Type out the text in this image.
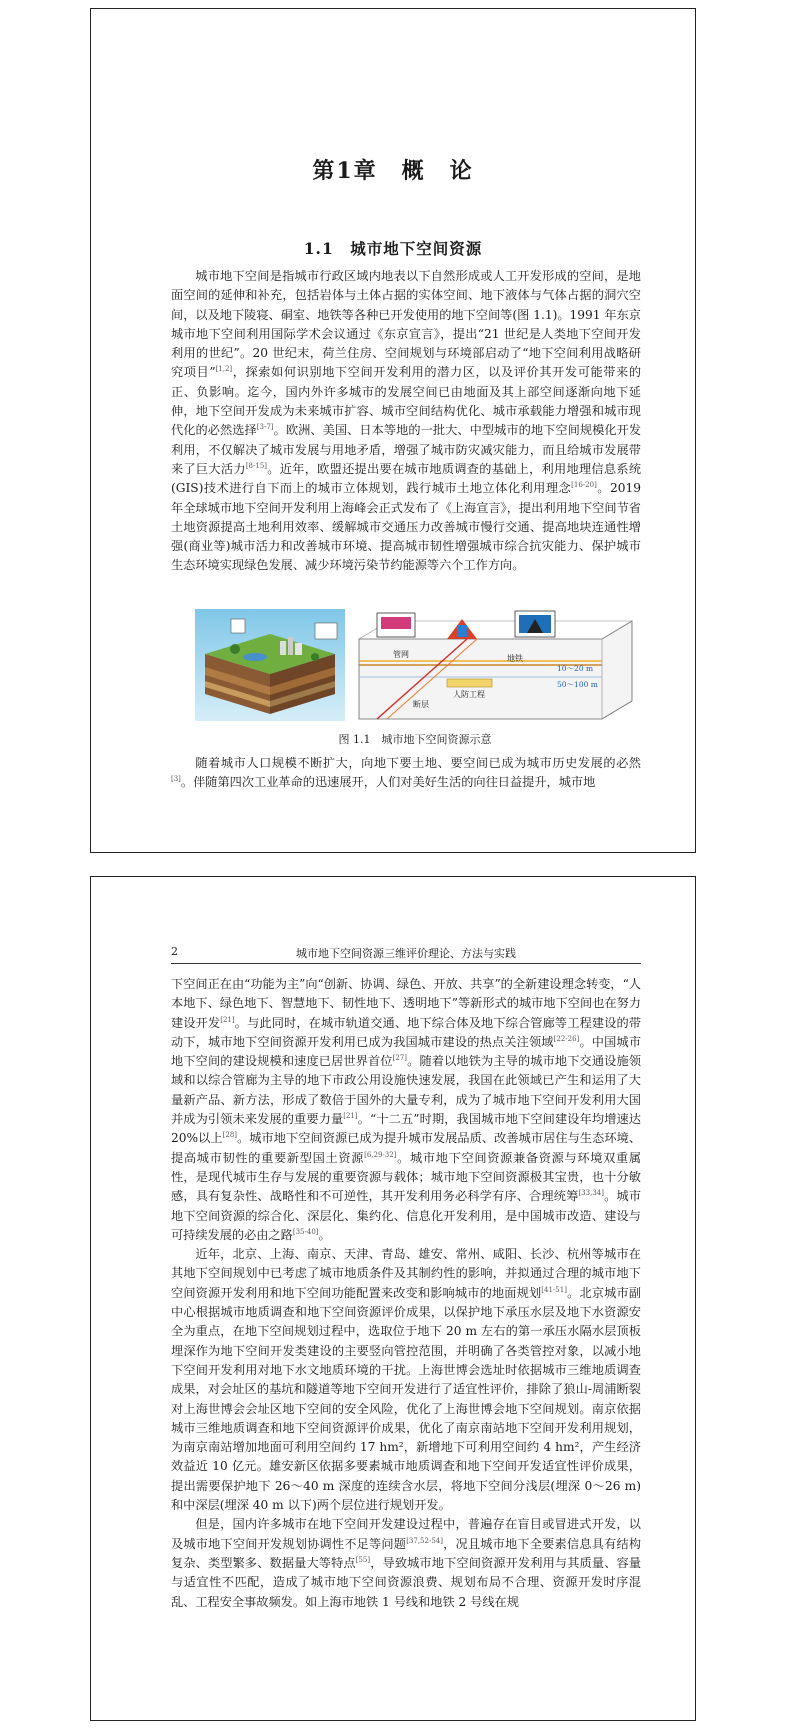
第1章　概　论
1.1　城市地下空间资源

城市地下空间是指城市行政区域内地表以下自然形成或人工开发形成的空间，是地面空间的延伸和补充，包括岩体与土体占据的实体空间、地下液体与气体占据的洞穴空间，以及地下陵寝、硐室、地铁等各种已开发使用的地下空间等(图 1.1)。1991 年东京城市地下空间利用国际学术会议通过《东京宣言》，提出“21 世纪是人类地下空间开发利用的世纪”。20 世纪末，荷兰住房、空间规划与环境部启动了“地下空间利用战略研究项目”[1,2]，探索如何识别地下空间开发利用的潜力区，以及评价其开发可能带来的正、负影响。迄今，国内外许多城市的发展空间已由地面及其上部空间逐渐向地下延伸，地下空间开发成为未来城市扩容、城市空间结构优化、城市承载能力增强和城市现代化的必然选择[3-7]。欧洲、美国、日本等地的一批大、中型城市的地下空间规模化开发利用，不仅解决了城市发展与用地矛盾，增强了城市防灾减灾能力，而且给城市发展带来了巨大活力[8-15]。近年，欧盟还提出要在城市地质调查的基础上，利用地理信息系统(GIS)技术进行自下而上的城市立体规划，践行城市土地立体化利用理念[16-20]。2019 年全球城市地下空间开发利用上海峰会正式发布了《上海宣言》，提出利用地下空间节省土地资源提高土地利用效率、缓解城市交通压力改善城市慢行交通、提高地块连通性增强(商业等)城市活力和改善城市环境、提高城市韧性增强城市综合抗灾能力、保护城市生态环境实现绿色发展、减少环境污染节约能源等六个工作方向。

管网	地铁
断层
人防工程
10～20 m
50～100 m
图 1.1　城市地下空间资源示意

随着城市人口规模不断扩大，向地下要土地、要空间已成为城市历史发展的必然[3]。伴随第四次工业革命的迅速展开，人们对美好生活的向往日益提升，城市地

2	城市地下空间资源三维评价理论、方法与实践

下空间正在由“功能为主”向“创新、协调、绿色、开放、共享”的全新建设理念转变，“人本地下、绿色地下、智慧地下、韧性地下、透明地下”等新形式的城市地下空间也在努力建设开发[21]。与此同时，在城市轨道交通、地下综合体及地下综合管廊等工程建设的带动下，城市地下空间资源开发利用已成为我国城市建设的热点关注领域[22-26]。中国城市地下空间的建设规模和速度已居世界首位[27]。随着以地铁为主导的城市地下交通设施领域和以综合管廊为主导的地下市政公用设施快速发展，我国在此领域已产生和运用了大量新产品、新方法，形成了数倍于国外的大量专利，成为了城市地下空间开发利用大国并成为引领未来发展的重要力量[21]。“十二五”时期，我国城市地下空间建设年均增速达 20%以上[28]。城市地下空间资源已成为提升城市发展品质、改善城市居住与生态环境、提高城市韧性的重要新型国土资源[6,29-32]。城市地下空间资源兼备资源与环境双重属性，是现代城市生存与发展的重要资源与载体；城市地下空间资源极其宝贵，也十分敏感，具有复杂性、战略性和不可逆性，其开发利用务必科学有序、合理统筹[33,34]。城市地下空间资源的综合化、深层化、集约化、信息化开发利用，是中国城市改造、建设与可持续发展的必由之路[35-40]。

近年，北京、上海、南京、天津、青岛、雄安、常州、咸阳、长沙、杭州等城市在其地下空间规划中已考虑了城市地质条件及其制约性的影响，并拟通过合理的城市地下空间资源开发利用和地下空间功能配置来改变和影响城市的地面规划[41-51]。北京城市副中心根据城市地质调查和地下空间资源评价成果，以保护地下承压水层及地下水资源安全为重点，在地下空间规划过程中，选取位于地下 20 m 左右的第一承压水隔水层顶板埋深作为地下空间开发类建设的主要竖向管控范围，并明确了各类管控对象，以减小地下空间开发利用对地下水文地质环境的干扰。上海世博会选址时依据城市三维地质调查成果，对会址区的基坑和隧道等地下空间开发进行了适宜性评价，排除了狼山-周浦断裂对上海世博会会址区地下空间的安全风险，优化了上海世博会地下空间规划。南京依据城市三维地质调查和地下空间资源评价成果，优化了南京南站地下空间开发利用规划，为南京南站增加地面可利用空间约 17 hm²，新增地下可利用空间约 4 hm²，产生经济效益近 10 亿元。雄安新区依据多要素城市地质调查和地下空间开发适宜性评价成果，提出需要保护地下 26～40 m 深度的连续含水层，将地下空间分浅层(埋深 0～26 m)和中深层(埋深 40 m 以下)两个层位进行规划开发。

但是，国内许多城市在地下空间开发建设过程中，普遍存在盲目或冒进式开发，以及城市地下空间开发规划协调性不足等问题[37,52-54]，况且城市地下全要素信息具有结构复杂、类型繁多、数据量大等特点[55]，导致城市地下空间资源开发利用与其质量、容量与适宜性不匹配，造成了城市地下空间资源浪费、规划布局不合理、资源开发时序混乱、工程安全事故频发。如上海市地铁 1 号线和地铁 2 号线在规
